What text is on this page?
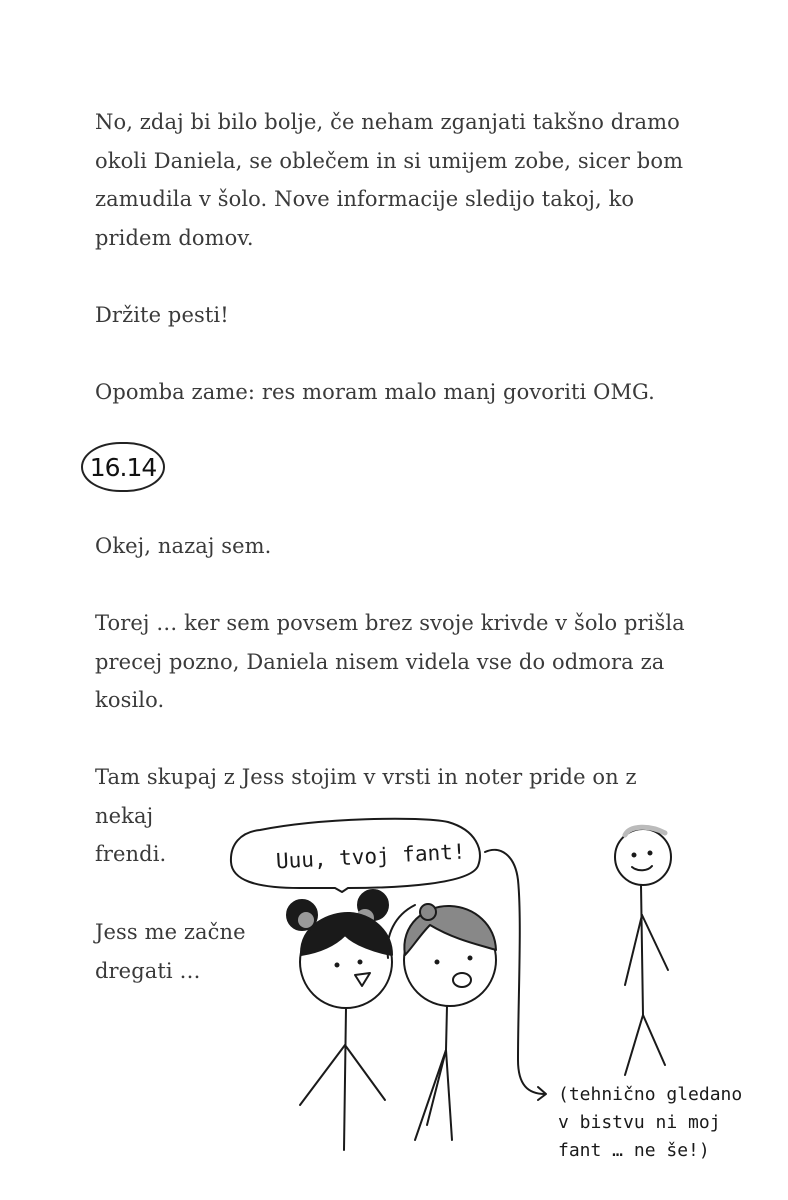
No, zdaj bi bilo bolje, če neham zganjati takšno dramo
okoli Daniela, se oblečem in si umijem zobe, sicer bom
zamudila v šolo. Nove informacije sledijo takoj, ko
pridem domov.

Držite pesti!

Opomba zame: res moram malo manj govoriti OMG.

16.14

Okej, nazaj sem.

Torej … ker sem povsem brez svoje krivde v šolo prišla
precej pozno, Daniela nisem videla vse do odmora za
kosilo.

Tam skupaj z Jess stojim v vrsti in noter pride on z nekaj
frendi.

Jess me začne
dregati …

Uuu, tvoj fant!
(tehnično gledano
v bistvu ni moj
fant … ne še!)
